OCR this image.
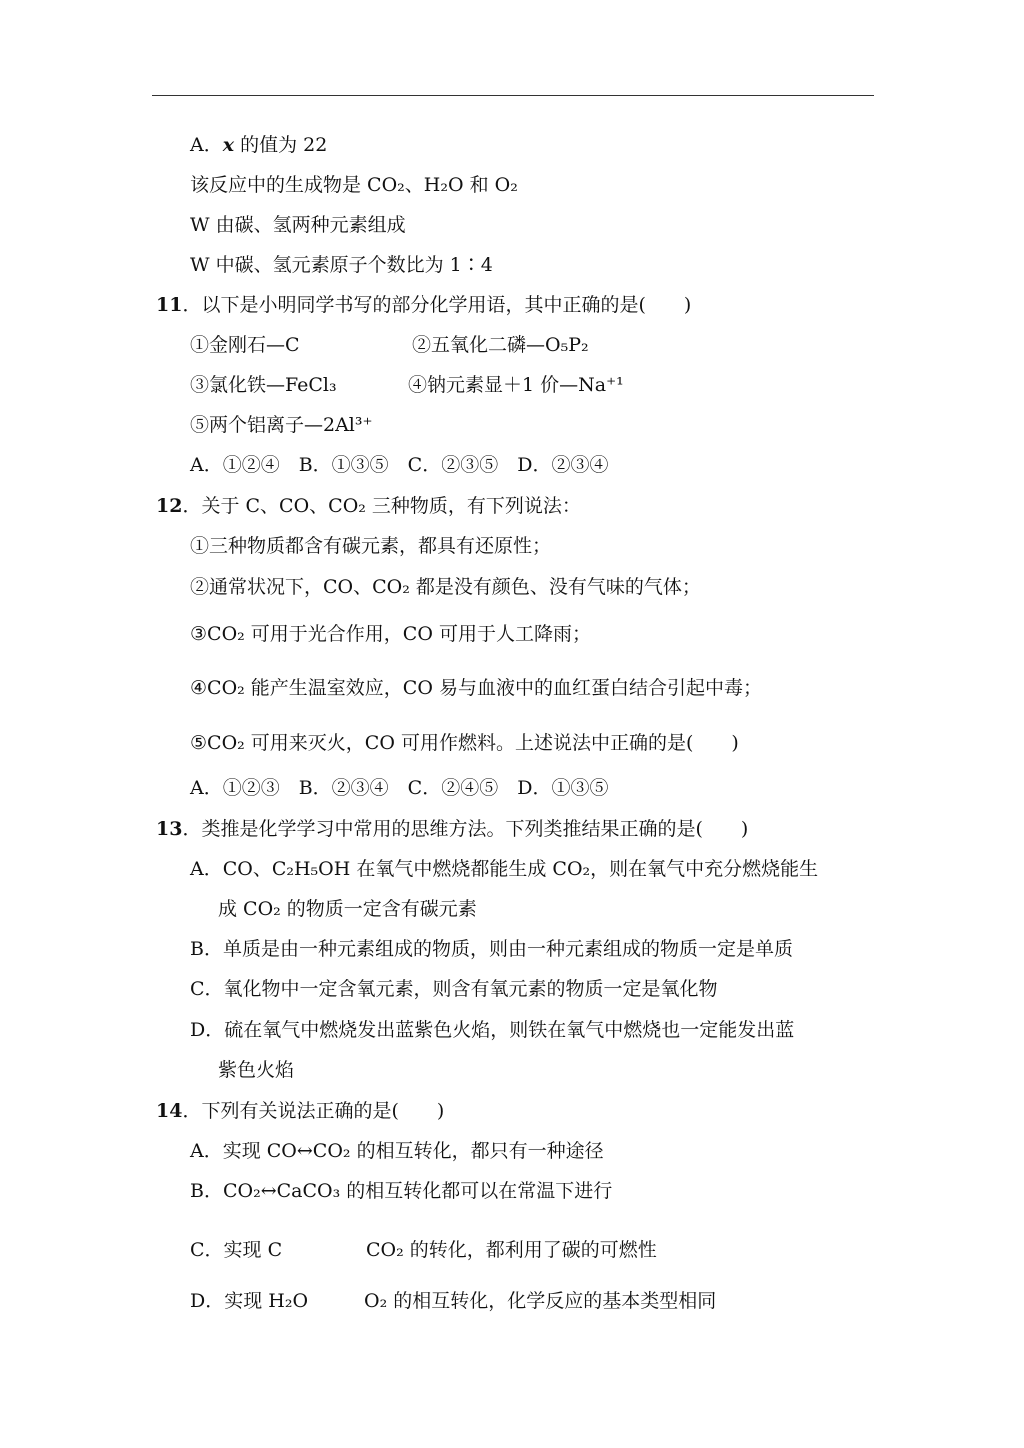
A．x 的值为 22
该反应中的生成物是 CO₂、H₂O 和 O₂
W 由碳、氢两种元素组成
W 中碳、氢元素原子个数比为 1∶4
11．以下是小明同学书写的部分化学用语，其中正确的是(　　)
①金刚石—C	②五氧化二磷—O₅P₂
③氯化铁—FeCl₃	④钠元素显＋1 价—Na⁺¹
⑤两个铝离子—2Al³⁺
A．①②④　B．①③⑤　C．②③⑤　D．②③④
12．关于 C、CO、CO₂ 三种物质，有下列说法：
①三种物质都含有碳元素，都具有还原性；
②通常状况下，CO、CO₂ 都是没有颜色、没有气味的气体；
③CO₂ 可用于光合作用，CO 可用于人工降雨；
④CO₂ 能产生温室效应，CO 易与血液中的血红蛋白结合引起中毒；
⑤CO₂ 可用来灭火，CO 可用作燃料。上述说法中正确的是(　　)
A．①②③　B．②③④　C．②④⑤　D．①③⑤
13．类推是化学学习中常用的思维方法。下列类推结果正确的是(　　)
A．CO、C₂H₅OH 在氧气中燃烧都能生成 CO₂，则在氧气中充分燃烧能生
成 CO₂ 的物质一定含有碳元素
B．单质是由一种元素组成的物质，则由一种元素组成的物质一定是单质
C．氧化物中一定含氧元素，则含有氧元素的物质一定是氧化物
D．硫在氧气中燃烧发出蓝紫色火焰，则铁在氧气中燃烧也一定能发出蓝
紫色火焰
14．下列有关说法正确的是(　　)
A．实现 CO↔CO₂ 的相互转化，都只有一种途径
B．CO₂↔CaCO₃ 的相互转化都可以在常温下进行
C．实现 C	CO₂ 的转化，都利用了碳的可燃性
D．实现 H₂O	O₂ 的相互转化，化学反应的基本类型相同
